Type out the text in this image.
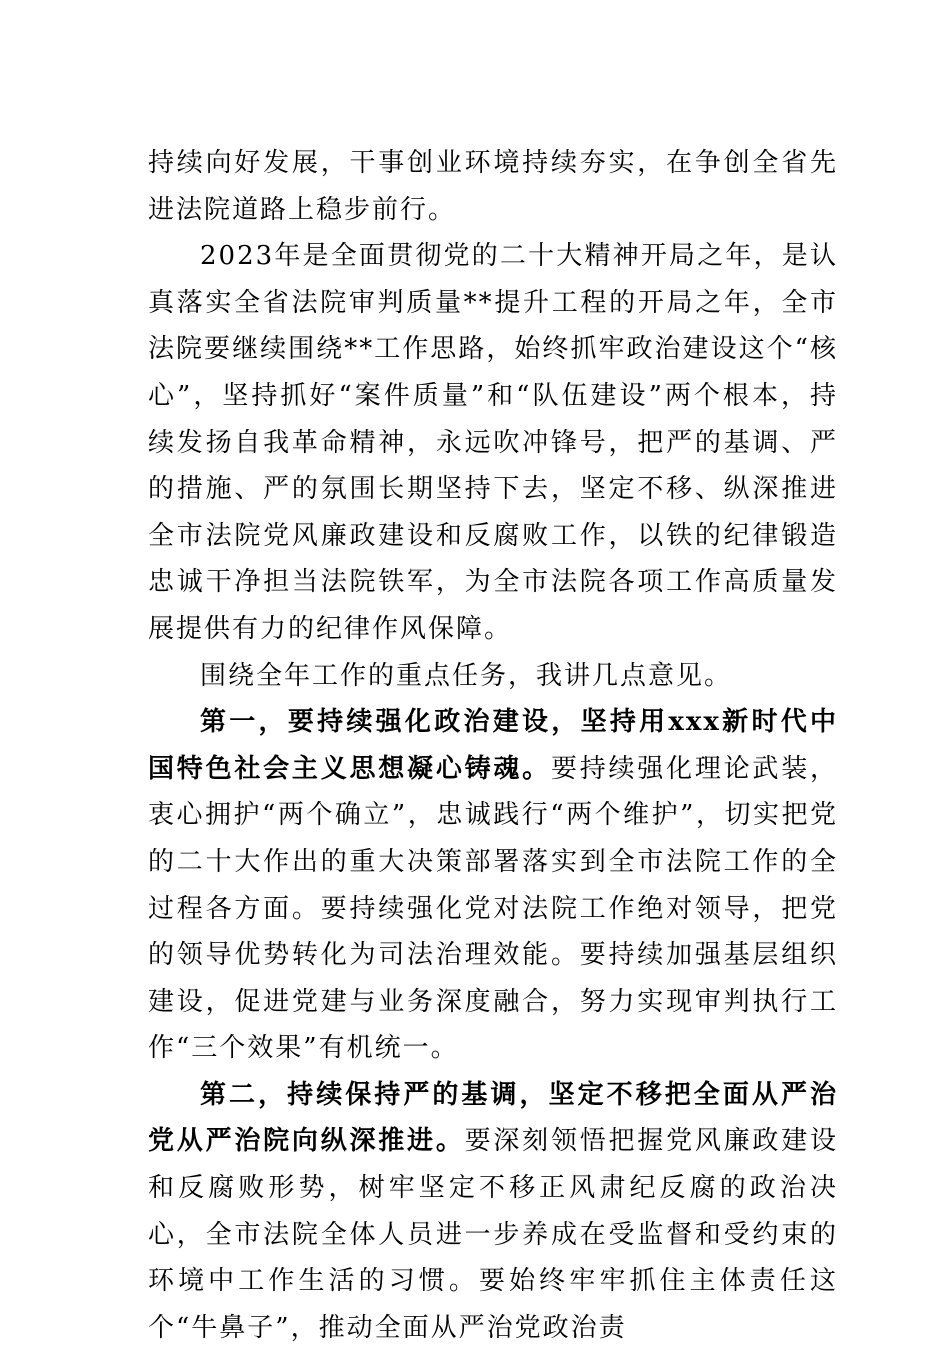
持续向好发展，干事创业环境持续夯实，在争创全省先进法院道路上稳步前行。

2023年是全面贯彻党的二十大精神开局之年，是认真落实全省法院审判质量**提升工程的开局之年，全市法院要继续围绕**工作思路，始终抓牢政治建设这个“核心”，坚持抓好“案件质量”和“队伍建设”两个根本，持续发扬自我革命精神，永远吹冲锋号，把严的基调、严的措施、严的氛围长期坚持下去，坚定不移、纵深推进全市法院党风廉政建设和反腐败工作，以铁的纪律锻造忠诚干净担当法院铁军，为全市法院各项工作高质量发展提供有力的纪律作风保障。

围绕全年工作的重点任务，我讲几点意见。

第一，要持续强化政治建设，坚持用xxx新时代中国特色社会主义思想凝心铸魂。要持续强化理论武装，衷心拥护“两个确立”，忠诚践行“两个维护”，切实把党的二十大作出的重大决策部署落实到全市法院工作的全过程各方面。要持续强化党对法院工作绝对领导，把党的领导优势转化为司法治理效能。要持续加强基层组织建设，促进党建与业务深度融合，努力实现审判执行工作“三个效果”有机统一。

第二，持续保持严的基调，坚定不移把全面从严治党从严治院向纵深推进。要深刻领悟把握党风廉政建设和反腐败形势，树牢坚定不移正风肃纪反腐的政治决心，全市法院全体人员进一步养成在受监督和受约束的环境中工作生活的习惯。要始终牢牢抓住主体责任这个“牛鼻子”，推动全面从严治党政治责
